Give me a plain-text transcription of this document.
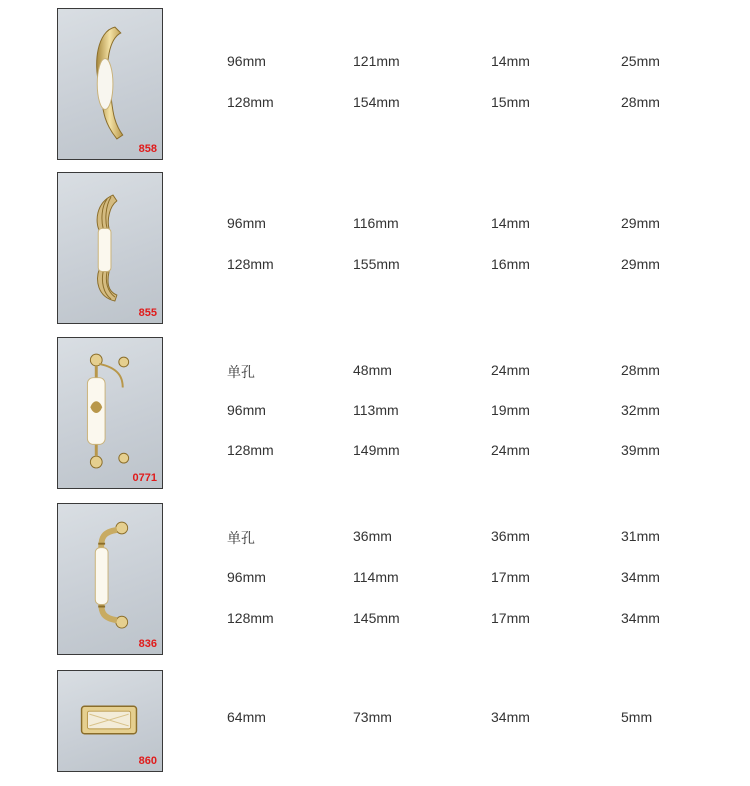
858
96mm	121mm	14mm	25mm
128mm	154mm	15mm	28mm
855
96mm	116mm	14mm	29mm
128mm	155mm	16mm	29mm
0771
单孔	48mm	24mm	28mm
96mm	113mm	19mm	32mm
128mm	149mm	24mm	39mm
836
单孔	36mm	36mm	31mm
96mm	114mm	17mm	34mm
128mm	145mm	17mm	34mm
860
64mm	73mm	34mm	5mm
